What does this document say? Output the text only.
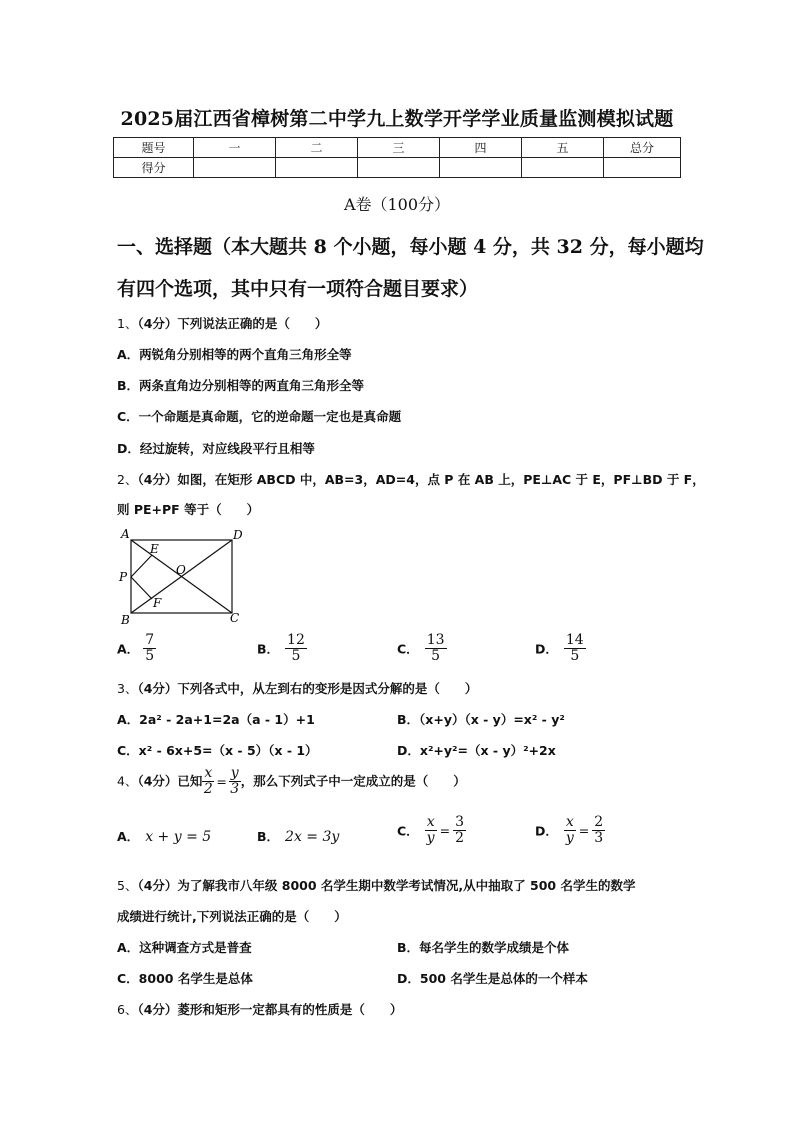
2025届江西省樟树第二中学九上数学开学学业质量监测模拟试题
题号	一	二	三	四	五	总分
得分						
A卷（100分）
一、选择题（本大题共 8 个小题，每小题 4 分，共 32 分，每小题均
有四个选项，其中只有一项符合题目要求）
1、（4分）下列说法正确的是（　　）
A．两锐角分别相等的两个直角三角形全等
B．两条直角边分别相等的两直角三角形全等
C．一个命题是真命题，它的逆命题一定也是真命题
D．经过旋转，对应线段平行且相等
2、（4分）如图，在矩形 ABCD 中，AB=3，AD=4，点 P 在 AB 上，PE⊥AC 于 E，PF⊥BD 于 F，
则 PE+PF 等于（　　）
A	D
E
O
P
F
B	C
A． $\frac{7}{5}$	B． $\frac{12}{5}$	C． $\frac{13}{5}$	D． $\frac{14}{5}$
3、（4分）下列各式中，从左到右的变形是因式分解的是（　　）
A．2a² - 2a+1=2a（a - 1）+1	B．（x+y）（x - y）=x² - y²
C．x² - 6x+5=（x - 5）（x - 1）	D．x²+y²=（x - y）²+2x
4、（4分）已知 $\frac{x}{2} = \frac{y}{3}$ ，那么下列式子中一定成立的是（　　）
A． x + y = 5	B． 2x = 3y	C． $\frac{x}{y} = \frac{3}{2}$	D． $\frac{x}{y} = \frac{2}{3}$
5、（4分）为了解我市八年级 8000 名学生期中数学考试情况,从中抽取了 500 名学生的数学
成绩进行统计,下列说法正确的是（　　）
A．这种调查方式是普查	B．每名学生的数学成绩是个体
C．8000 名学生是总体	D．500 名学生是总体的一个样本
6、（4分）菱形和矩形一定都具有的性质是（　　）
